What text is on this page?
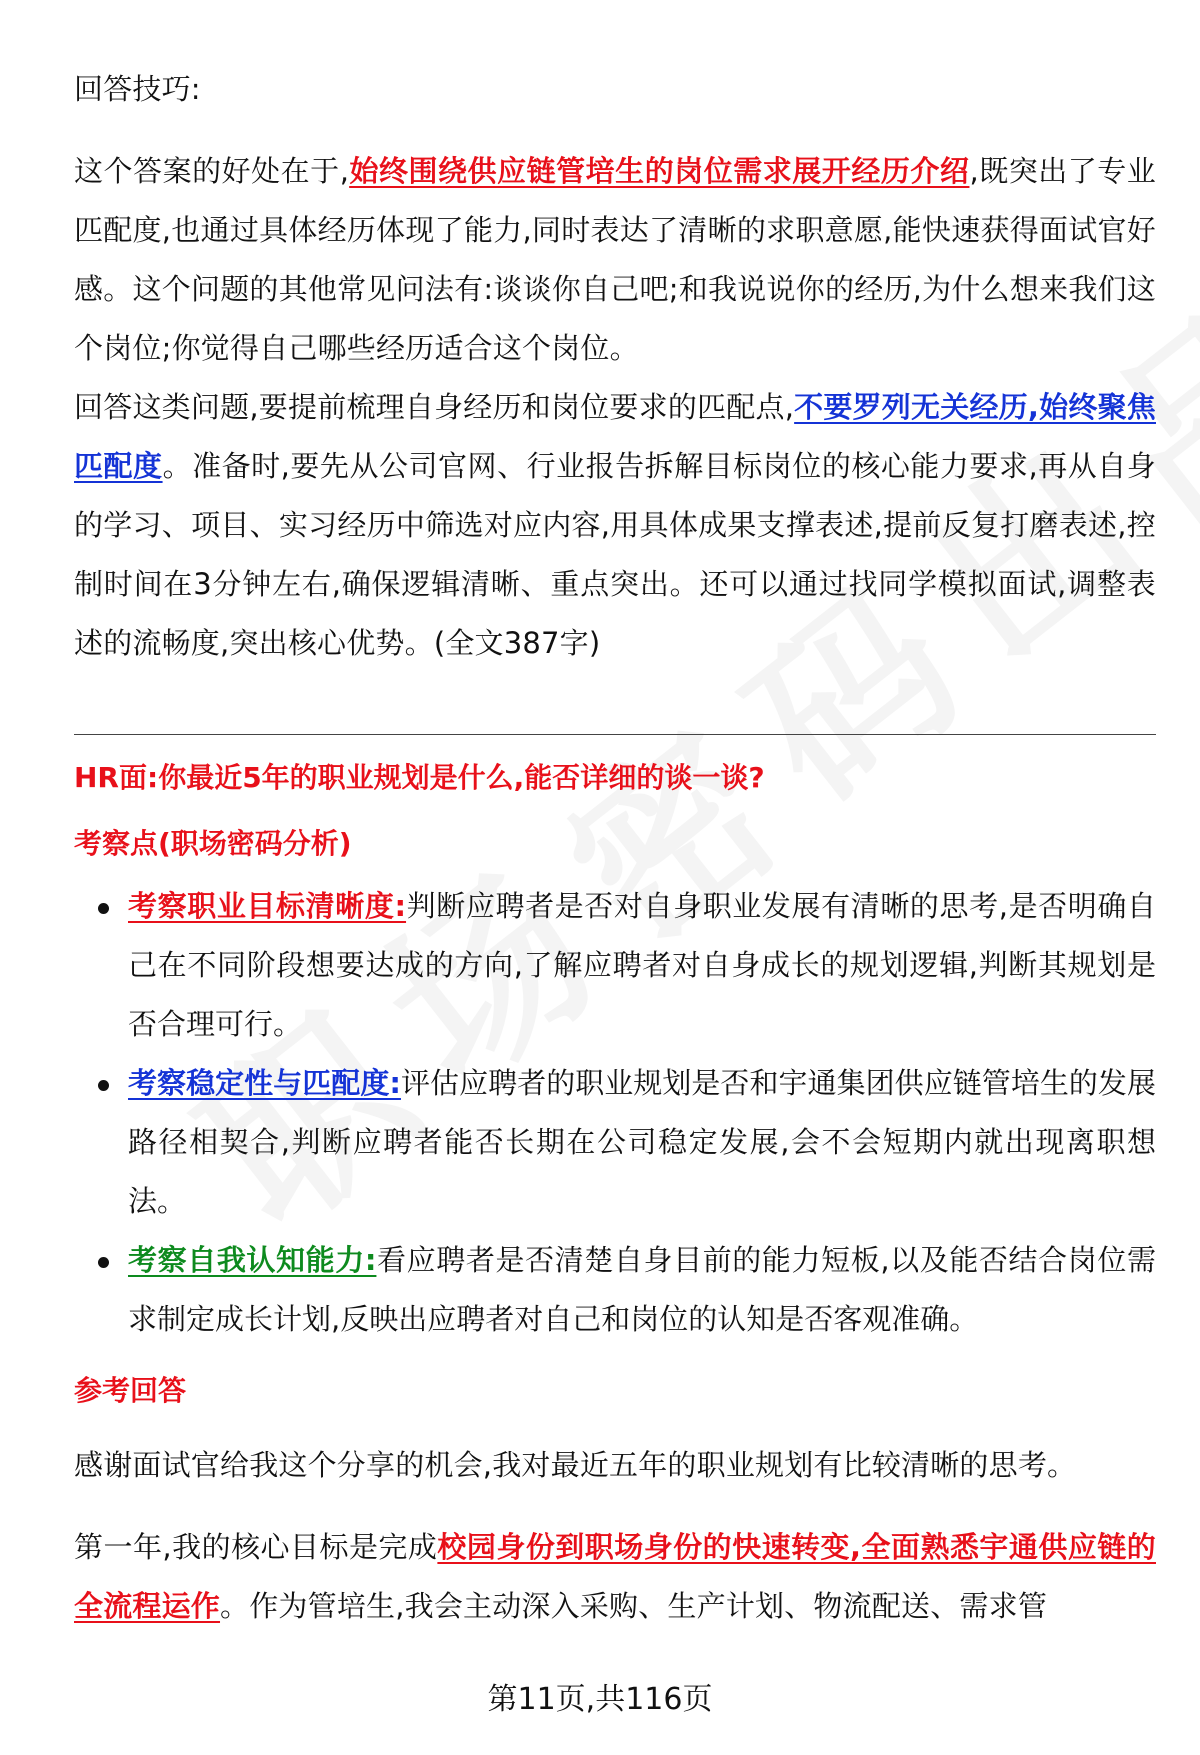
回答技巧:

这个答案的好处在于,始终围绕供应链管培生的岗位需求展开经历介绍,既突出了专业匹配度,也通过具体经历体现了能力,同时表达了清晰的求职意愿,能快速获得面试官好感。这个问题的其他常见问法有:谈谈你自己吧;和我说说你的经历,为什么想来我们这个岗位;你觉得自己哪些经历适合这个岗位。

回答这类问题,要提前梳理自身经历和岗位要求的匹配点,不要罗列无关经历,始终聚焦匹配度。准备时,要先从公司官网、行业报告拆解目标岗位的核心能力要求,再从自身的学习、项目、实习经历中筛选对应内容,用具体成果支撑表述,提前反复打磨表述,控制时间在3分钟左右,确保逻辑清晰、重点突出。还可以通过找同学模拟面试,调整表述的流畅度,突出核心优势。(全文387字)

HR面:你最近5年的职业规划是什么,能否详细的谈一谈?

考察点(职场密码分析)

考察职业目标清晰度:判断应聘者是否对自身职业发展有清晰的思考,是否明确自己在不同阶段想要达成的方向,了解应聘者对自身成长的规划逻辑,判断其规划是否合理可行。
考察稳定性与匹配度:评估应聘者的职业规划是否和宇通集团供应链管培生的发展路径相契合,判断应聘者能否长期在公司稳定发展,会不会短期内就出现离职想法。
考察自我认知能力:看应聘者是否清楚自身目前的能力短板,以及能否结合岗位需求制定成长计划,反映出应聘者对自己和岗位的认知是否客观准确。

参考回答

感谢面试官给我这个分享的机会,我对最近五年的职业规划有比较清晰的思考。

第一年,我的核心目标是完成校园身份到职场身份的快速转变,全面熟悉宇通供应链的全流程运作。作为管培生,我会主动深入采购、生产计划、物流配送、需求管

第11页,共116页
